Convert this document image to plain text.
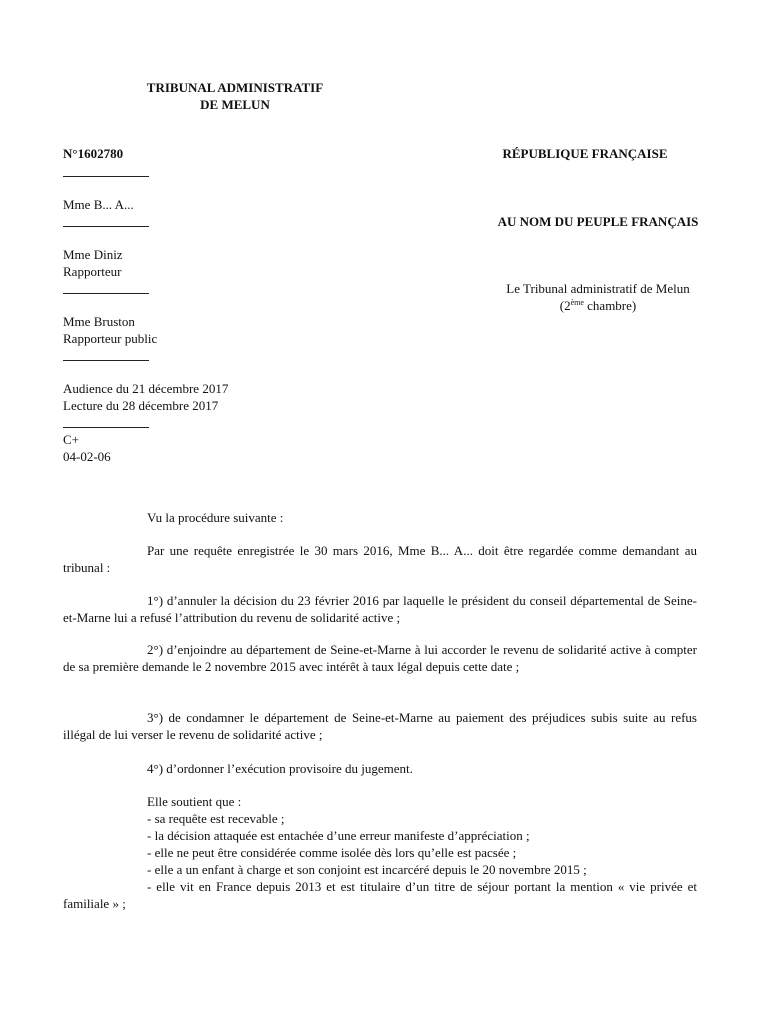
TRIBUNAL ADMINISTRATIF
DE MELUN
N°1602780
Mme B... A...
Mme Diniz
Rapporteur
Mme Bruston
Rapporteur public
Audience du 21 décembre 2017
Lecture du 28 décembre 2017
C+
04-02-06
RÉPUBLIQUE FRANÇAISE
AU NOM DU PEUPLE FRANÇAIS
Le Tribunal administratif de Melun
(2ème chambre)

Vu la procédure suivante :

Par une requête enregistrée le 30 mars 2016, Mme B... A... doit être regardée comme demandant au tribunal :

1°) d’annuler la décision du 23 février 2016 par laquelle le président du conseil départemental de Seine-et-Marne lui a refusé l’attribution du revenu de solidarité active ;

2°) d’enjoindre au département de Seine-et-Marne à lui accorder le revenu de solidarité active à compter de sa première demande le 2 novembre 2015 avec intérêt à taux légal depuis cette date ;

3°) de condamner le département de Seine-et-Marne au paiement des préjudices subis suite au refus illégal de lui verser le revenu de solidarité active ;

4°) d’ordonner l’exécution provisoire du jugement.

Elle soutient que :
- sa requête est recevable ;
- la décision attaquée est entachée d’une erreur manifeste d’appréciation ;
- elle ne peut être considérée comme isolée dès lors qu’elle est pacsée ;
- elle a un enfant à charge et son conjoint est incarcéré depuis le 20 novembre 2015 ;
- elle vit en France depuis 2013 et est titulaire d’un titre de séjour portant la mention « vie privée et familiale » ;
